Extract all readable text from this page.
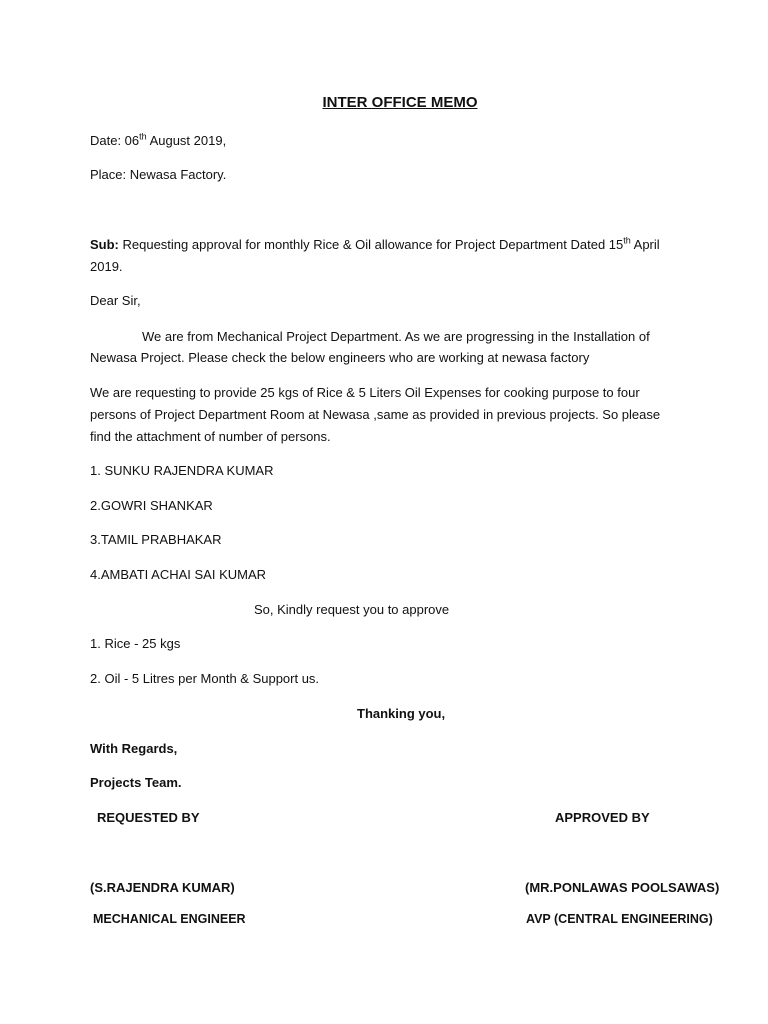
INTER OFFICE MEMO
Date: 06th August 2019,
Place: Newasa Factory.
Sub: Requesting approval for monthly Rice & Oil allowance for Project Department Dated 15th April
2019.
Dear Sir,
We are from Mechanical Project Department. As we are progressing in the Installation of
Newasa Project. Please check the below engineers who are working at newasa factory
We are requesting to provide 25 kgs of Rice & 5 Liters Oil Expenses for cooking purpose to four
persons of Project Department Room at Newasa ,same as provided in previous projects. So please
find the attachment of number of persons.
1. SUNKU RAJENDRA KUMAR
2.GOWRI SHANKAR
3.TAMIL PRABHAKAR
4.AMBATI ACHAI SAI KUMAR
So, Kindly request you to approve
1. Rice - 25 kgs
2. Oil - 5 Litres per Month & Support us.
Thanking you,
With Regards,
Projects Team.
REQUESTED BY	APPROVED BY
(S.RAJENDRA KUMAR)	(MR.PONLAWAS POOLSAWAS)
MECHANICAL ENGINEER	AVP (CENTRAL ENGINEERING)
